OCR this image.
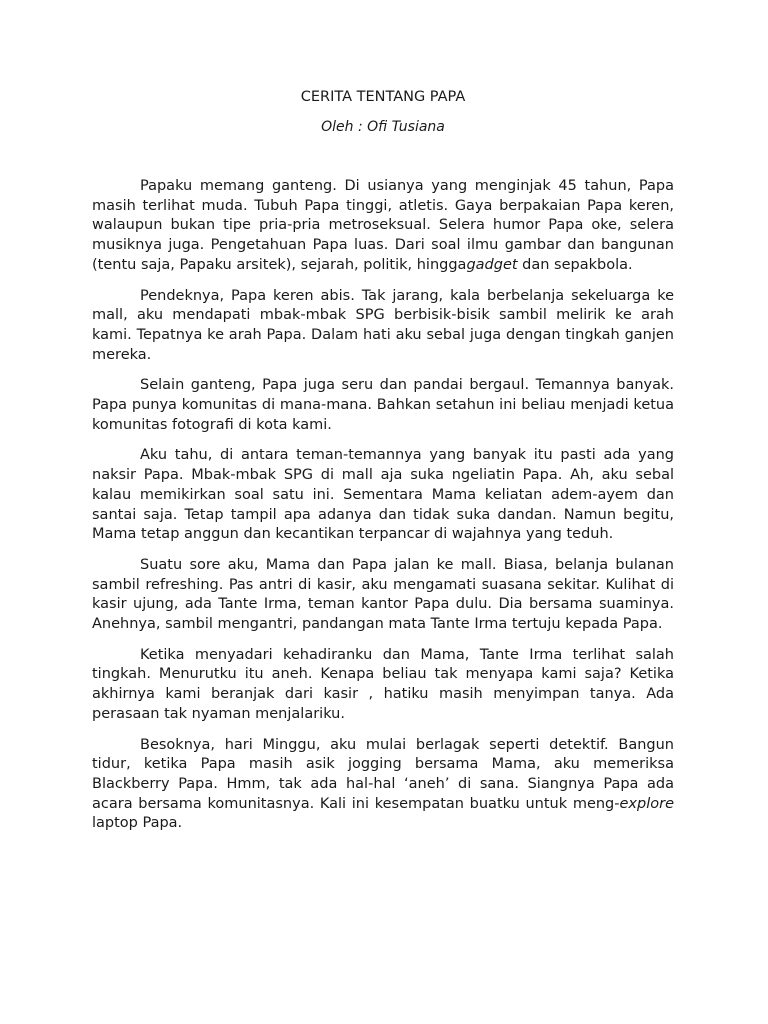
CERITA TENTANG PAPA

Oleh : Ofi Tusiana

Papaku memang ganteng. Di usianya yang menginjak 45 tahun, Papa masih terlihat muda. Tubuh Papa tinggi, atletis. Gaya berpakaian Papa keren, walaupun bukan tipe pria-pria metroseksual. Selera humor Papa oke, selera musiknya juga. Pengetahuan Papa luas. Dari soal ilmu gambar dan bangunan (tentu saja, Papaku arsitek), sejarah, politik, hinggagadget dan sepakbola.

Pendeknya, Papa keren abis. Tak jarang, kala berbelanja sekeluarga ke mall, aku mendapati mbak-mbak SPG berbisik-bisik sambil melirik ke arah kami. Tepatnya ke arah Papa. Dalam hati aku sebal juga dengan tingkah ganjen mereka.

Selain ganteng, Papa juga seru dan pandai bergaul. Temannya banyak. Papa punya komunitas di mana-mana. Bahkan setahun ini beliau menjadi ketua komunitas fotografi di kota kami.

Aku tahu, di antara teman-temannya yang banyak itu pasti ada yang naksir Papa. Mbak-mbak SPG di mall aja suka ngeliatin Papa. Ah, aku sebal kalau memikirkan soal satu ini. Sementara Mama keliatan adem-ayem dan santai saja. Tetap tampil apa adanya dan tidak suka dandan. Namun begitu, Mama tetap anggun dan kecantikan terpancar di wajahnya yang teduh.

Suatu sore aku, Mama dan Papa jalan ke mall. Biasa, belanja bulanan sambil refreshing. Pas antri di kasir, aku mengamati suasana sekitar. Kulihat di kasir ujung, ada Tante Irma, teman kantor Papa dulu. Dia bersama suaminya. Anehnya, sambil mengantri, pandangan mata Tante Irma tertuju kepada Papa.

Ketika menyadari kehadiranku dan Mama, Tante Irma terlihat salah tingkah. Menurutku itu aneh. Kenapa beliau tak menyapa kami saja? Ketika akhirnya kami beranjak dari kasir , hatiku masih menyimpan tanya. Ada perasaan tak nyaman menjalariku.

Besoknya, hari Minggu, aku mulai berlagak seperti detektif. Bangun tidur, ketika Papa masih asik jogging bersama Mama, aku memeriksa Blackberry Papa. Hmm, tak ada hal-hal ‘aneh’ di sana. Siangnya Papa ada acara bersama komunitasnya. Kali ini kesempatan buatku untuk meng-explore laptop Papa.
